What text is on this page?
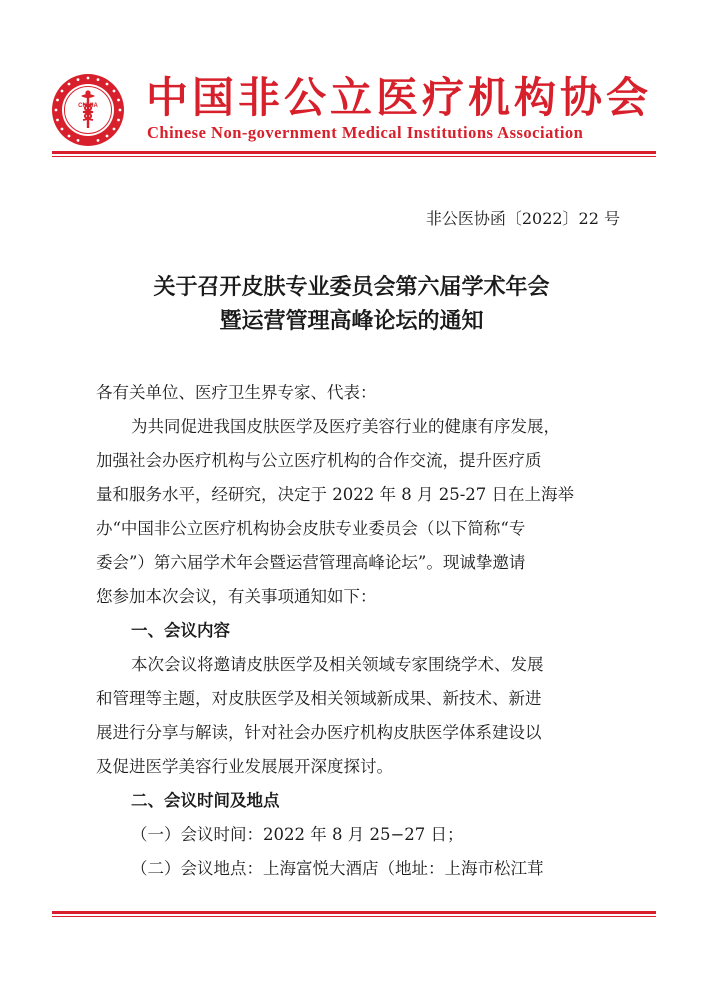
CNMIA 中国非公立医疗机构协会
Chinese Non-government Medical Institutions Association
非公医协函〔2022〕22 号
关于召开皮肤专业委员会第六届学术年会
暨运营管理高峰论坛的通知
各有关单位、医疗卫生界专家、代表：
为共同促进我国皮肤医学及医疗美容行业的健康有序发展，
加强社会办医疗机构与公立医疗机构的合作交流，提升医疗质
量和服务水平，经研究，决定于 2022 年 8 月 25-27 日在上海举
办“中国非公立医疗机构协会皮肤专业委员会（以下简称“专
委会”）第六届学术年会暨运营管理高峰论坛”。现诚挚邀请
您参加本次会议，有关事项通知如下：
一、会议内容
本次会议将邀请皮肤医学及相关领域专家围绕学术、发展
和管理等主题，对皮肤医学及相关领域新成果、新技术、新进
展进行分享与解读，针对社会办医疗机构皮肤医学体系建设以
及促进医学美容行业发展展开深度探讨。
二、会议时间及地点
（一）会议时间：2022 年 8 月 25−27 日；
（二）会议地点：上海富悦大酒店（地址：上海市松江茸
